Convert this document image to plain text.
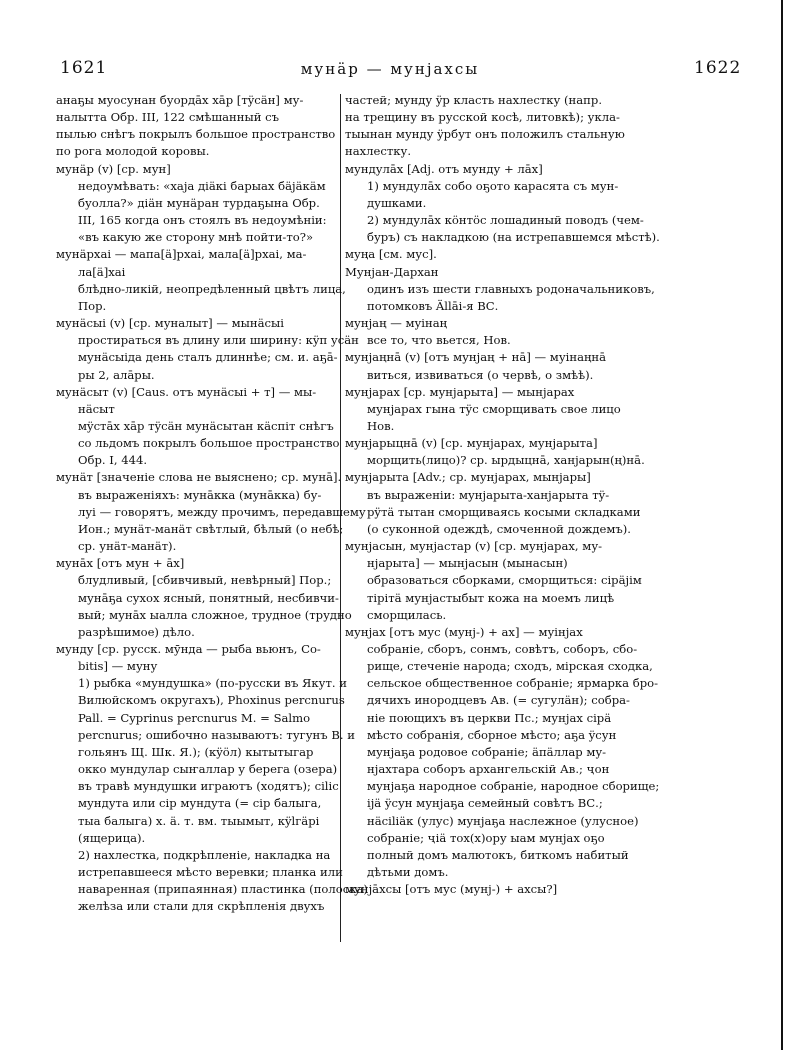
1621	мунäр — мунjахсы	1622
анаҕы муосунан буордāх хāр [тÿсäн] му-
налытта Обр. III, 122 смѣшанный съ
пылью снѣгъ покрылъ большое пространство
по рога молодой коровы.
мунäр (v) [ср. мун]
недоумѣвать: «хаjа дiäкi барыах бäjäкäм
буолла?» дiäн мунäран турдаҕына Обр.
III, 165 когда онъ стоялъ въ недоумѣнiи:
«въ какую же сторону мнѣ пойти-то?»
мунäрхаi — мапа[ä]рхаi, мала[ä]рхаi, ма-
ла[ä]хаi
блѣдно-ликiй, неопредѣленный цвѣтъ лица,
Пор.
мунäсыi (v) [ср. муналыт] — мынäсыi
простираться въ длину или ширину: кÿп усäн
мунäсыiда день сталъ длиннѣе; см. и. аҕā-
ры 2, алāры.
мунäсыт (v) [Caus. отъ мунäсыi + т] — мы-
нäсыт
мÿстāх хāр тÿсäн мунäсытан кäспiт снѣгъ
со льдомъ покрылъ большое пространство
Обр. I, 444.
мунäт [значенiе слова не выяснено; ср. мунā].
въ выраженiяхъ: мунāкка (мунāкка) бу-
луi — говорятъ, между прочимъ, передавшему
Ион.; мунäт-манäт свѣтлый, бѣлый (о небѣ;
ср. унäт-манäт).
мунāх [отъ мун + āх]
блудливый, [сбивчивый, невѣрный] Пор.;
мунāҕа сухох ясный, понятный, несбивчи-
вый; мунāх ыалла сложное, трудное (трудно
разрѣшимое) дѣло.
мунду [ср. русск. мӯнда — рыба вьюнъ, Co-
bitis] — муну
1) рыбка «мундушка» (по-русски въ Якут. и
Вилюйскомъ округахъ), Phoxinus percnurus
Pall. = Cyprinus percnurus M. = Salmo
percnurus; ошибочно называютъ: тугунъ В. и
гольянъ Щ. Шк. Я.); (кÿöл) кытытыгар
окко мундулар сыҥаллар у берега (озера)
въ травѣ мундушки играютъ (ходятъ); сiliс
мундута или сiр мундута (= сiр балыга,
тыа балыга) х. ä. т. вм. тыымыт, кÿlгäрi
(ящерица).
2) нахлестка, подкрѣпленiе, накладка на
истрепавшееся мѣсто веревки; планка или
наваренная (припаянная) пластинка (полоска)
желѣза или стали для скрѣпленiя двухъ
частей; мунду ÿр класть нахлестку (напр.
на трещину въ русской косѣ, литовкѣ); укла-
тыынан мунду ÿрбут онъ положилъ стальную
нахлестку.
мундулāх [Adj. отъ мунду + лāх]
1) мундулāх собо оҕото карасята съ мун-
душками.
2) мундулāх кöнтöс лошадиный поводъ (чем-
буръ) съ накладкою (на истрепавшемся мѣстѣ).
муңа [см. мус].
Мунjан-Дархан
одинъ изъ шести главныхъ родоначальниковъ,
потомковъ Ällāi-я ВС.
мунjаң — муiнаң
все то, что вьется, Нов.
мунjаңнā (v) [отъ мунjаң + нā] — муiнаңнā
виться, извиваться (о червѣ, о змѣѣ).
мунjарах [ср. мунjарыта] — мынjарах
мунjарах гына тÿс сморщивать свое лицо
Нов.
мунjарыцнā (v) [ср. мунjарах, мунjарыта]
морщить(лицо)? ср. ырдыцнā, ханjарын(ң)нā.
мунjарыта [Adv.; ср. мунjарах, мынjары]
въ выраженiи: мунjарыта-ханjарыта тÿ-
рÿтä тытан сморщиваясь косыми складками
(о суконной одеждѣ, смоченной дождемъ).
мунjасын, мунjастар (v) [ср. мунjарах, му-
нjарыта] — мынjасын (мынасын)
образоваться сборками, сморщиться: сiрäjiм
тiрiтä мунjастыбыт кожа на моемъ лицѣ
сморщилась.
мунjах [отъ мус (мунj-) + ах] — муiнjах
собранiе, сборъ, сонмъ, совѣтъ, соборъ, сбо-
рище, стеченiе народа; сходъ, мiрская сходка,
сельское общественное собранiе; ярмарка бро-
дячихъ инородцевъ Ав. (= сугулäн); собра-
нiе поющихъ въ церкви Пс.; мунjах сiрä
мѣсто собранiя, сборное мѣсто; аҕа ÿсун
мунjаҕа родовое собранiе; äпäллар му-
нjахтара соборъ архангельскiй Ав.; ҷон
мунjаҕа народное собранiе, народное сборище;
iјä ÿсун мунjаҕа семейный совѣтъ ВС.;
нäсiliäк (улус) мунjаҕа наслежное (улусное)
собранiе; ҷiä тох(х)ору ыам мунjах оҕо
полный домъ малютокъ, биткомъ набитый
дѣтьми домъ.
мунjāхсы [отъ мус (мунj-) + ахсы?]
